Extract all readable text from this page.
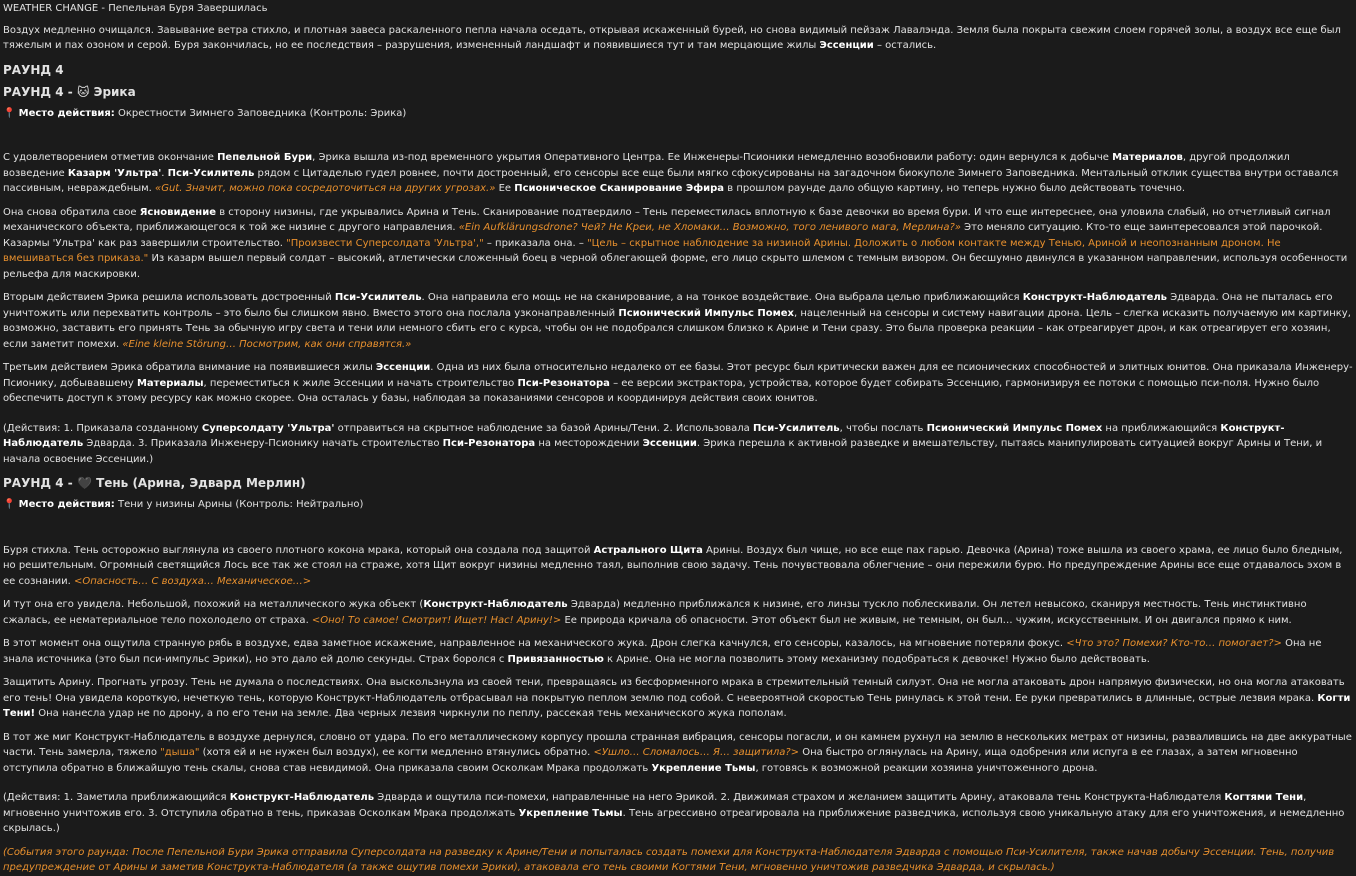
WEATHER CHANGE - Пепельная Буря Завершилась
Воздух медленно очищался. Завывание ветра стихло, и плотная завеса раскаленного пепла начала оседать, открывая искаженный бурей, но снова видимый пейзаж Лавалэнда. Земля была покрыта свежим слоем горячей золы, а воздух все еще был тяжелым и пах озоном и серой. Буря закончилась, но ее последствия – разрушения, измененный ландшафт и появившиеся тут и там мерцающие жилы Эссенции – остались.
РАУНД 4
РАУНД 4 - 🐱 Эрика
📍 Место действия: Окрестности Зимнего Заповедника (Контроль: Эрика)
С удовлетворением отметив окончание Пепельной Бури, Эрика вышла из-под временного укрытия Оперативного Центра. Ее Инженеры-Псионики немедленно возобновили работу: один вернулся к добыче Материалов, другой продолжил возведение Казарм 'Ультра'. Пси-Усилитель рядом с Цитаделью гудел ровнее, почти достроенный, его сенсоры все еще были мягко сфокусированы на загадочном биокуполе Зимнего Заповедника. Ментальный отклик существа внутри оставался пассивным, невраждебным. «Gut. Значит, можно пока сосредоточиться на других угрозах.» Ее Псионическое Сканирование Эфира в прошлом раунде дало общую картину, но теперь нужно было действовать точечно.
Она снова обратила свое Ясновидение в сторону низины, где укрывались Арина и Тень. Сканирование подтвердило – Тень переместилась вплотную к базе девочки во время бури. И что еще интереснее, она уловила слабый, но отчетливый сигнал механического объекта, приближающегося к той же низине с другого направления. «Ein Aufklärungsdrone? Чей? Не Креи, не Хломаки… Возможно, того ленивого мага, Мерлина?» Это меняло ситуацию. Кто-то еще заинтересовался этой парочкой. Казармы 'Ультра' как раз завершили строительство. "Произвести Суперсолдата 'Ультра'," – приказала она. – "Цель – скрытное наблюдение за низиной Арины. Доложить о любом контакте между Тенью, Ариной и неопознанным дроном. Не вмешиваться без приказа." Из казарм вышел первый солдат – высокий, атлетически сложенный боец в черной облегающей форме, его лицо скрыто шлемом с темным визором. Он бесшумно двинулся в указанном направлении, используя особенности рельефа для маскировки.
Вторым действием Эрика решила использовать достроенный Пси-Усилитель. Она направила его мощь не на сканирование, а на тонкое воздействие. Она выбрала целью приближающийся Конструкт-Наблюдатель Эдварда. Она не пыталась его уничтожить или перехватить контроль – это было бы слишком явно. Вместо этого она послала узконаправленный Псионический Импульс Помех, нацеленный на сенсоры и систему навигации дрона. Цель – слегка исказить получаемую им картинку, возможно, заставить его принять Тень за обычную игру света и тени или немного сбить его с курса, чтобы он не подобрался слишком близко к Арине и Тени сразу. Это была проверка реакции – как отреагирует дрон, и как отреагирует его хозяин, если заметит помехи. «Eine kleine Störung… Посмотрим, как они справятся.»
Третьим действием Эрика обратила внимание на появившиеся жилы Эссенции. Одна из них была относительно недалеко от ее базы. Этот ресурс был критически важен для ее псионических способностей и элитных юнитов. Она приказала Инженеру-Псионику, добывавшему Материалы, переместиться к жиле Эссенции и начать строительство Пси-Резонатора – ее версии экстрактора, устройства, которое будет собирать Эссенцию, гармонизируя ее потоки с помощью пси-поля. Нужно было обеспечить доступ к этому ресурсу как можно скорее. Она осталась у базы, наблюдая за показаниями сенсоров и координируя действия своих юнитов.
(Действия: 1. Приказала созданному Суперсолдату 'Ультра' отправиться на скрытное наблюдение за базой Арины/Тени. 2. Использовала Пси-Усилитель, чтобы послать Псионический Импульс Помех на приближающийся Конструкт-Наблюдатель Эдварда. 3. Приказала Инженеру-Псионику начать строительство Пси-Резонатора на месторождении Эссенции. Эрика перешла к активной разведке и вмешательству, пытаясь манипулировать ситуацией вокруг Арины и Тени, и начала освоение Эссенции.)
РАУНД 4 - 🖤 Тень (Арина, Эдвард Мерлин)
📍 Место действия: Тени у низины Арины (Контроль: Нейтрально)
Буря стихла. Тень осторожно выглянула из своего плотного кокона мрака, который она создала под защитой Астрального Щита Арины. Воздух был чище, но все еще пах гарью. Девочка (Арина) тоже вышла из своего храма, ее лицо было бледным, но решительным. Огромный светящийся Лось все так же стоял на страже, хотя Щит вокруг низины медленно таял, выполнив свою задачу. Тень почувствовала облегчение – они пережили бурю. Но предупреждение Арины все еще отдавалось эхом в ее сознании. <Опасность… С воздуха… Механическое…>
И тут она его увидела. Небольшой, похожий на металлического жука объект (Конструкт-Наблюдатель Эдварда) медленно приближался к низине, его линзы тускло поблескивали. Он летел невысоко, сканируя местность. Тень инстинктивно сжалась, ее нематериальное тело похолодело от страха. <Оно! То самое! Смотрит! Ищет! Нас! Арину!> Ее природа кричала об опасности. Этот объект был не живым, не темным, он был… чужим, искусственным. И он двигался прямо к ним.
В этот момент она ощутила странную рябь в воздухе, едва заметное искажение, направленное на механического жука. Дрон слегка качнулся, его сенсоры, казалось, на мгновение потеряли фокус. <Что это? Помехи? Кто-то… помогает?> Она не знала источника (это был пси-импульс Эрики), но это дало ей долю секунды. Страх боролся с Привязанностью к Арине. Она не могла позволить этому механизму подобраться к девочке! Нужно было действовать.
Защитить Арину. Прогнать угрозу. Тень не думала о последствиях. Она выскользнула из своей тени, превращаясь из бесформенного мрака в стремительный темный силуэт. Она не могла атаковать дрон напрямую физически, но она могла атаковать его тень! Она увидела короткую, нечеткую тень, которую Конструкт-Наблюдатель отбрасывал на покрытую пеплом землю под собой. С невероятной скоростью Тень ринулась к этой тени. Ее руки превратились в длинные, острые лезвия мрака. Когти Тени! Она нанесла удар не по дрону, а по его тени на земле. Два черных лезвия чиркнули по пеплу, рассекая тень механического жука пополам.
В тот же миг Конструкт-Наблюдатель в воздухе дернулся, словно от удара. По его металлическому корпусу прошла странная вибрация, сенсоры погасли, и он камнем рухнул на землю в нескольких метрах от низины, развалившись на две аккуратные части. Тень замерла, тяжело "дыша" (хотя ей и не нужен был воздух), ее когти медленно втянулись обратно. <Ушло… Сломалось… Я… защитила?> Она быстро оглянулась на Арину, ища одобрения или испуга в ее глазах, а затем мгновенно отступила обратно в ближайшую тень скалы, снова став невидимой. Она приказала своим Осколкам Мрака продолжать Укрепление Тьмы, готовясь к возможной реакции хозяина уничтоженного дрона.
(Действия: 1. Заметила приближающийся Конструкт-Наблюдатель Эдварда и ощутила пси-помехи, направленные на него Эрикой. 2. Движимая страхом и желанием защитить Арину, атаковала тень Конструкта-Наблюдателя Когтями Тени, мгновенно уничтожив его. 3. Отступила обратно в тень, приказав Осколкам Мрака продолжать Укрепление Тьмы. Тень агрессивно отреагировала на приближение разведчика, используя свою уникальную атаку для его уничтожения, и немедленно скрылась.)
(События этого раунда: После Пепельной Бури Эрика отправила Суперсолдата на разведку к Арине/Тени и попыталась создать помехи для Конструкта-Наблюдателя Эдварда с помощью Пси-Усилителя, также начав добычу Эссенции. Тень, получив предупреждение от Арины и заметив Конструкта-Наблюдателя (а также ощутив помехи Эрики), атаковала его тень своими Когтями Тени, мгновенно уничтожив разведчика Эдварда, и скрылась.)
